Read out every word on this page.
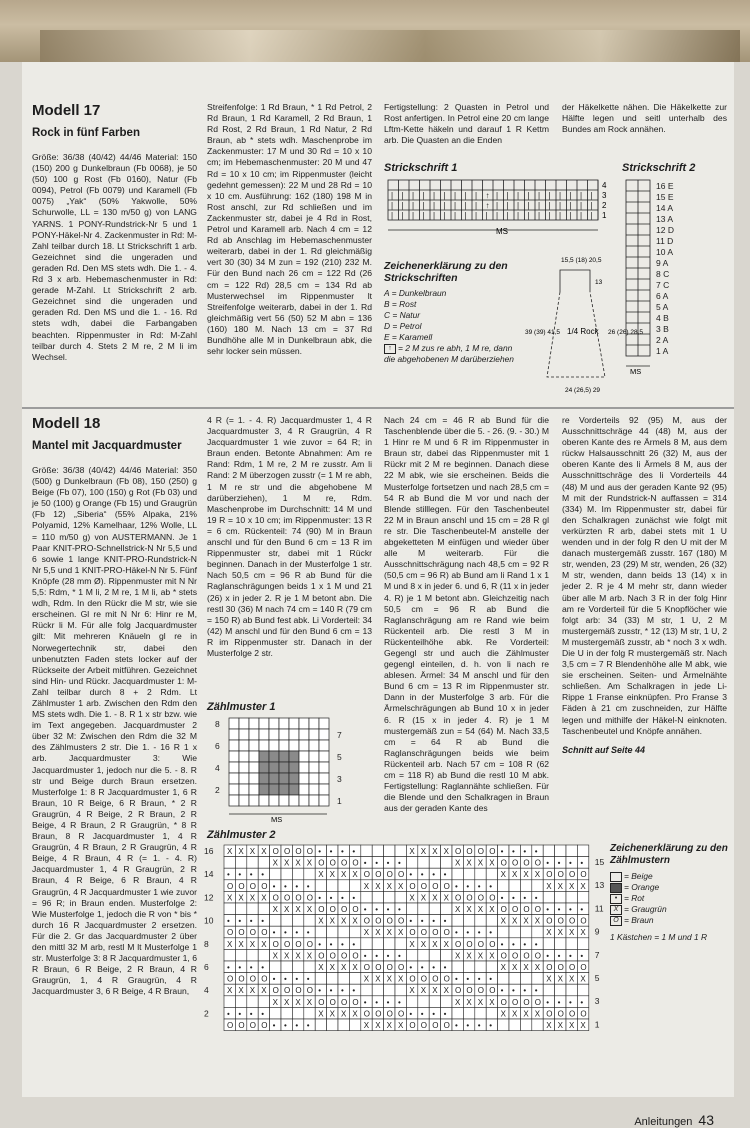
Modell 17
Rock in fünf Farben

Größe: 36/38 (40/42) 44/46 Material: 150 (150) 200 g Dunkelbraun (Fb 0068), je 50 (50) 100 g Rost (Fb 0160), Natur (Fb 0094), Petrol (Fb 0079) und Karamell (Fb 0075) „Yak“ (50% Yakwolle, 50% Schurwolle, LL = 130 m/50 g) von LANG YARNS. 1 PONY-Rundstrick-Nr 5 und 1 PONY-Häkel-Nr 4. Zackenmuster in Rd: M-Zahl teilbar durch 18. Lt Strickschrift 1 arb. Gezeichnet sind die ungeraden und geraden Rd. Den MS stets wdh. Die 1. - 4. Rd 3 x arb. Hebemaschenmuster in Rd: gerade M-Zahl. Lt Strickschrift 2 arb. Gezeichnet sind die ungeraden und geraden Rd. Den MS und die 1. - 16. Rd stets wdh, dabei die Farbangaben beachten. Rippenmuster in Rd: M-Zahl teilbar durch 4. Stets 2 M re, 2 M li im Wechsel.

Streifenfolge: 1 Rd Braun, * 1 Rd Petrol, 2 Rd Braun, 1 Rd Karamell, 2 Rd Braun, 1 Rd Rost, 2 Rd Braun, 1 Rd Natur, 2 Rd Braun, ab * stets wdh. Maschenprobe im Zackenmuster: 17 M und 30 Rd = 10 x 10 cm; im Hebemaschenmuster: 20 M und 47 Rd = 10 x 10 cm; im Rippenmuster (leicht gedehnt gemessen): 22 M und 28 Rd = 10 x 10 cm. Ausführung: 162 (180) 198 M in Rost anschl, zur Rd schließen und im Zackenmuster str, dabei je 4 Rd in Rost, Petrol und Karamell arb. Nach 4 cm = 12 Rd ab Anschlag im Hebemaschenmuster weiterarb, dabei in der 1. Rd gleichmäßig vert 30 (30) 34 M zun = 192 (210) 232 M. Für den Bund nach 26 cm = 122 Rd (26 cm = 122 Rd) 28,5 cm = 134 Rd ab Musterwechsel im Rippenmuster lt Streifenfolge weiterarb, dabei in der 1. Rd gleichmäßig vert 56 (50) 52 M abn = 136 (160) 180 M. Nach 13 cm = 37 Rd Bundhöhe alle M in Dunkelbraun abk, die sehr locker sein müssen.

Fertigstellung: 2 Quasten in Petrol und Rost anfertigen. In Petrol eine 20 cm lange Lftm-Kette häkeln und darauf 1 R Kettm arb. Die Quasten an die Enden

der Häkelkette nähen. Die Häkelkette zur Hälfte legen und seitl unterhalb des Bundes am Rock annähen.

Strickschrift 1
| | | | | | | | | ↑ | | | | | | | | | |
| | | | | | | | | ↑ | | | | | | | | | |
| | | | | | | | | | | | | | | | | | | |
4
3
2
1
MS
Zeichenerklärung zu den Strickschriften

A = Dunkelbraun

B = Rost

C = Natur

D = Petrol

E = Karamell

↑ = 2 M zus re abh, 1 M re, dann die abgehobenen M darüberziehen

15,5 (18) 20,5
13
1/4 Rock
39 (39) 41,5	26 (26) 28,5
24 (26,5) 29
Strickschrift 2
16 E
15 E
14 A
13 A
12 D
11 D
10 A
9 A
8 C
7 C
6 A
5 A
4 B
3 B
2 A
1 A
MS
Modell 18
Mantel mit Jacquardmuster

Größe: 36/38 (40/42) 44/46 Material: 350 (500) g Dunkelbraun (Fb 08), 150 (250) g Beige (Fb 07), 100 (150) g Rot (Fb 03) und je 50 (100) g Orange (Fb 15) und Graugrün (Fb 12) „Siberia“ (55% Alpaka, 21% Polyamid, 12% Kamelhaar, 12% Wolle, LL = 110 m/50 g) von AUSTERMANN. Je 1 Paar KNIT-PRO-Schnellstrick-N Nr 5,5 und 6 sowie 1 lange KNIT-PRO-Rundstrick-N Nr 5,5 und 1 KNIT-PRO-Häkel-N Nr 5. Fünf Knöpfe (28 mm Ø). Rippenmuster mit N Nr 5,5: Rdm, * 1 M li, 2 M re, 1 M li, ab * stets wdh, Rdm. In den Rückr die M str, wie sie erscheinen. Gl re mit N Nr 6: Hinr re M, Rückr li M. Für alle folg Jacquardmuster gilt: Mit mehreren Knäueln gl re in Norwegertechnik str, dabei den unbenutzten Faden stets locker auf der Rückseite der Arbeit mitführen. Gezeichnet sind Hin- und Rückr. Jacquardmuster 1: M-Zahl teilbar durch 8 + 2 Rdm. Lt Zählmuster 1 arb. Zwischen den Rdm den MS stets wdh. Die 1. - 8. R 1 x str bzw. wie im Text angegeben. Jacquardmuster 2 über 32 M: Zwischen den Rdm die 32 M des Zählmusters 2 str. Die 1. - 16 R 1 x arb. Jacquardmuster 3: Wie Jacquardmuster 1, jedoch nur die 5. - 8. R str und Beige durch Braun ersetzen. Musterfolge 1: 8 R Jacquardmuster 1, 6 R Braun, 10 R Beige, 6 R Braun, * 2 R Graugrün, 4 R Beige, 2 R Braun, 2 R Beige, 4 R Braun, 2 R Graugrün, * 8 R Braun, 8 R Jacquardmuster 1, 4 R Graugrün, 4 R Braun, 2 R Graugrün, 4 R Beige, 4 R Braun, 4 R (= 1. - 4. R) Jacquardmuster 1, 4 R Graugrün, 2 R Braun, 4 R Beige, 6 R Braun, 4 R Graugrün, 4 R Jacquardmuster 1 wie zuvor = 96 R; in Braun enden. Musterfolge 2: Wie Musterfolge 1, jedoch die R von * bis * durch 16 R Jacquardmuster 2 ersetzen. Für die 2. Gr das Jacquardmuster 2 über den mittl 32 M arb, restl M lt Musterfolge 1 str. Musterfolge 3: 8 R Jacquardmuster 1, 6 R Braun, 6 R Beige, 2 R Braun, 4 R Graugrün, 1, 4 R Graugrün, 4 R Jacquardmuster 3, 6 R Beige, 4 R Braun,

4 R (= 1. - 4. R) Jacquardmuster 1, 4 R Jacquardmuster 3, 4 R Graugrün, 4 R Jacquardmuster 1 wie zuvor = 64 R; in Braun enden. Betonte Abnahmen: Am re Rand: Rdm, 1 M re, 2 M re zusstr. Am li Rand: 2 M überzogen zusstr (= 1 M re abh, 1 M re str und die abgehobene M darüberziehen), 1 M re, Rdm. Maschenprobe im Durchschnitt: 14 M und 19 R = 10 x 10 cm; im Rippenmuster: 13 R = 6 cm. Rückenteil: 74 (90) M in Braun anschl und für den Bund 6 cm = 13 R im Rippenmuster str, dabei mit 1 Rückr beginnen. Danach in der Musterfolge 1 str. Nach 50,5 cm = 96 R ab Bund für die Raglanschrägungen beids 1 x 1 M und 21 (26) x in jeder 2. R je 1 M betont abn. Die restl 30 (36) M nach 74 cm = 140 R (79 cm = 150 R) ab Bund fest abk. Li Vorderteil: 34 (42) M anschl und für den Bund 6 cm = 13 R im Rippenmuster str. Danach in der Musterfolge 2 str.

Nach 24 cm = 46 R ab Bund für die Taschenblende über die 5. - 26. (9. - 30.) M 1 Hinr re M und 6 R im Rippenmuster in Braun str, dabei das Rippenmuster mit 1 Rückr mit 2 M re beginnen. Danach diese 22 M abk, wie sie erscheinen. Beids die Musterfolge fortsetzen und nach 28,5 cm = 54 R ab Bund die M vor und nach der Blende stilllegen. Für den Taschenbeutel 22 M in Braun anschl und 15 cm = 28 R gl re str. Die Taschenbeutel-M anstelle der abgeketteten M einfügen und wieder über alle M weiterarb. Für die Ausschnittschrägung nach 48,5 cm = 92 R (50,5 cm = 96 R) ab Bund am li Rand 1 x 1 M und 8 x in jeder 6. und 6, R (11 x in jeder 4. R) je 1 M betont abn. Gleichzeitig nach 50,5 cm = 96 R ab Bund die Raglanschrägung am re Rand wie beim Rückenteil arb. Die restl 3 M in Rückenteilhöhe abk. Re Vorderteil: Gegengl str und auch die Zählmuster gegengl einteilen, d. h. von li nach re ablesen. Ärmel: 34 M anschl und für den Bund 6 cm = 13 R im Rippenmuster str. Dann in der Musterfolge 3 arb. Für die Ärmelschrägungen ab Bund 10 x in jeder 6. R (15 x in jeder 4. R) je 1 M mustergemäß zun = 54 (64) M. Nach 33,5 cm = 64 R ab Bund die Raglanschrägungen beids wie beim Rückenteil arb. Nach 57 cm = 108 R (62 cm = 118 R) ab Bund die restl 10 M abk. Fertigstellung: Raglannähte schließen. Für die Blende und den Schalkragen in Braun aus der geraden Kante des

re Vorderteils 92 (95) M, aus der Ausschnittschräge 44 (48) M, aus der oberen Kante des re Ärmels 8 M, aus dem rückw Halsausschnitt 26 (32) M, aus der oberen Kante des li Ärmels 8 M, aus der Ausschnittschräge des li Vorderteils 44 (48) M und aus der geraden Kante 92 (95) M mit der Rundstrick-N auffassen = 314 (334) M. Im Rippenmuster str, dabei für den Schalkragen zunächst wie folgt mit verkürzten R arb, dabei stets mit 1 U wenden und in der folg R den U mit der M danach mustergemäß zusstr. 167 (180) M str, wenden, 23 (29) M str, wenden, 26 (32) M str, wenden, dann beids 13 (14) x in jeder 2. R je 4 M mehr str, dann wieder über alle M arb. Nach 3 R in der folg Hinr am re Vorderteil für die 5 Knopflöcher wie folgt arb: 34 (33) M str, 1 U, 2 M mustergemäß zusstr, * 12 (13) M str, 1 U, 2 M mustergemäß zusstr, ab * noch 3 x wdh. Die U in der folg R mustergemäß str. Nach 3,5 cm = 7 R Blendenhöhe alle M abk, wie sie erscheinen. Seiten- und Ärmelnähte schließen. Am Schalkragen in jede Li-Rippe 1 Franse einknüpfen. Pro Franse 3 Fäden à 21 cm zuschneiden, zur Hälfte legen und mithilfe der Häkel-N einknoten. Taschenbeutel und Knöpfe annähen.

Schnitt auf Seite 44

Zählmuster 1
8
6
4
2
7
5
3
1
MS
Zählmuster 2
X X X X O O O O • • • •	X X X X O O O O • • • •
X X X X O O O O • • • •	X X X X O O O O • • • •
• • • •	X X X X O O O O • • • •	X X X X O O O O
O O O O • • • •	X X X X O O O O • • • •	X X X X
X X X X O O O O • • • •	X X X X O O O O • • • •
X X X X O O O O • • • •	X X X X O O O O • • • •
• • • •	X X X X O O O O • • • •	X X X X O O O O
O O O O • • • •	X X X X O O O O • • • •	X X X X
X X X X O O O O • • • •	X X X X O O O O • • • •
X X X X O O O O • • • •	X X X X O O O O • • • •
• • • •	X X X X O O O O • • • •	X X X X O O O O
O O O O • • • •	X X X X O O O O • • • •	X X X X
X X X X O O O O • • • •	X X X X O O O O • • • •
X X X X O O O O • • • •	X X X X O O O O • • • •
• • • •	X X X X O O O O • • • •	X X X X O O O O
O O O O • • • •	X X X X O O O O • • • •	X X X X
16
14
12
10
8
6
4
2
15
13
11
9
7
5
3
1
Zeichenerklärung zu den Zählmustern

= Beige

= Orange

• = Rot

X = Graugrün

O = Braun

1 Kästchen = 1 M und 1 R

Anleitungen 43
